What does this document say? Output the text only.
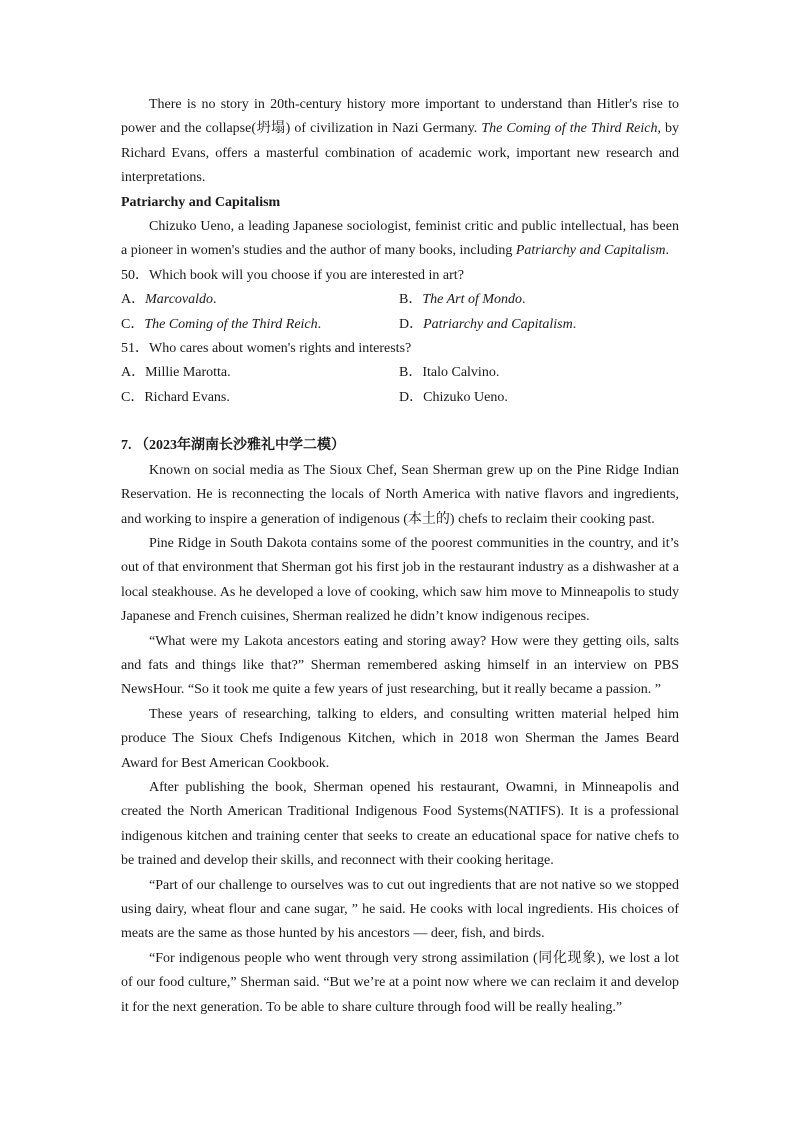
There is no story in 20th-century history more important to understand than Hitler's rise to power and the collapse(坍塌) of civilization in Nazi Germany. The Coming of the Third Reich, by Richard Evans, offers a masterful combination of academic work, important new research and interpretations.

Patriarchy and Capitalism

Chizuko Ueno, a leading Japanese sociologist, feminist critic and public intellectual, has been a pioneer in women's studies and the author of many books, including Patriarchy and Capitalism.

50．Which book will you choose if you are interested in art?

A．Marcovaldo.	B．The Art of Mondo.

C．The Coming of the Third Reich.	D．Patriarchy and Capitalism.

51．Who cares about women's rights and interests?

A．Millie Marotta.	B．Italo Calvino.

C．Richard Evans.	D．Chizuko Ueno.

7. （2023年湖南长沙雅礼中学二模）

Known on social media as The Sioux Chef, Sean Sherman grew up on the Pine Ridge Indian Reservation. He is reconnecting the locals of North America with native flavors and ingredients, and working to inspire a generation of indigenous (本土的) chefs to reclaim their cooking past.

Pine Ridge in South Dakota contains some of the poorest communities in the country, and it’s out of that environment that Sherman got his first job in the restaurant industry as a dishwasher at a local steakhouse. As he developed a love of cooking, which saw him move to Minneapolis to study Japanese and French cuisines, Sherman realized he didn’t know indigenous recipes.

“What were my Lakota ancestors eating and storing away? How were they getting oils, salts and fats and things like that?” Sherman remembered asking himself in an interview on PBS NewsHour. “So it took me quite a few years of just researching, but it really became a passion. ”

These years of researching, talking to elders, and consulting written material helped him produce The Sioux Chefs Indigenous Kitchen, which in 2018 won Sherman the James Beard Award for Best American Cookbook.

After publishing the book, Sherman opened his restaurant, Owamni, in Minneapolis and created the North American Traditional Indigenous Food Systems(NATIFS). It is a professional indigenous kitchen and training center that seeks to create an educational space for native chefs to be trained and develop their skills, and reconnect with their cooking heritage.

“Part of our challenge to ourselves was to cut out ingredients that are not native so we stopped using dairy, wheat flour and cane sugar, ” he said. He cooks with local ingredients. His choices of meats are the same as those hunted by his ancestors — deer, fish, and birds.

“For indigenous people who went through very strong assimilation (同化现象), we lost a lot of our food culture,” Sherman said. “But we’re at a point now where we can reclaim it and develop it for the next generation. To be able to share culture through food will be really healing.”
